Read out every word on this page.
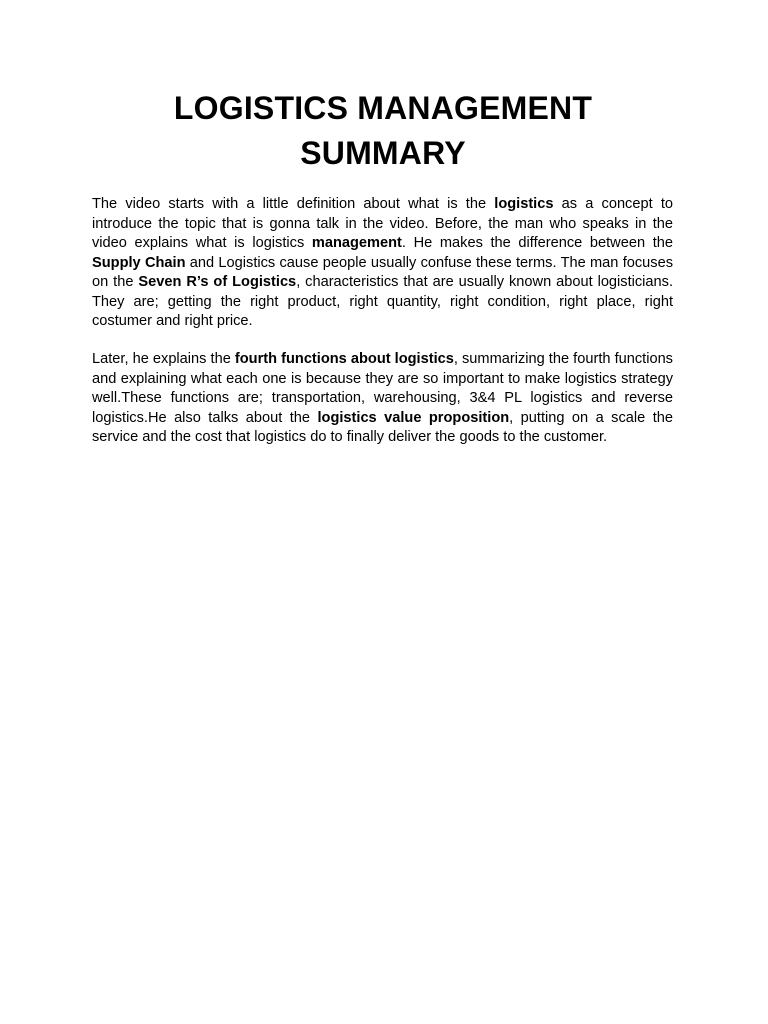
LOGISTICS MANAGEMENT
SUMMARY

The video starts with a little definition about what is the logistics as a concept to introduce the topic that is gonna talk in the video. Before, the man who speaks in the video explains what is logistics management. He makes the difference between the Supply Chain and Logistics cause people usually confuse these terms. The man focuses on the Seven R’s of Logistics, characteristics that are usually known about logisticians. They are; getting the right product, right quantity, right condition, right place, right costumer and right price.

Later, he explains the fourth functions about logistics, summarizing the fourth functions and explaining what each one is because they are so important to make logistics strategy well.These functions are; transportation, warehousing, 3&4 PL logistics and reverse logistics.He also talks about the logistics value proposition, putting on a scale the service and the cost that logistics do to finally deliver the goods to the customer.
